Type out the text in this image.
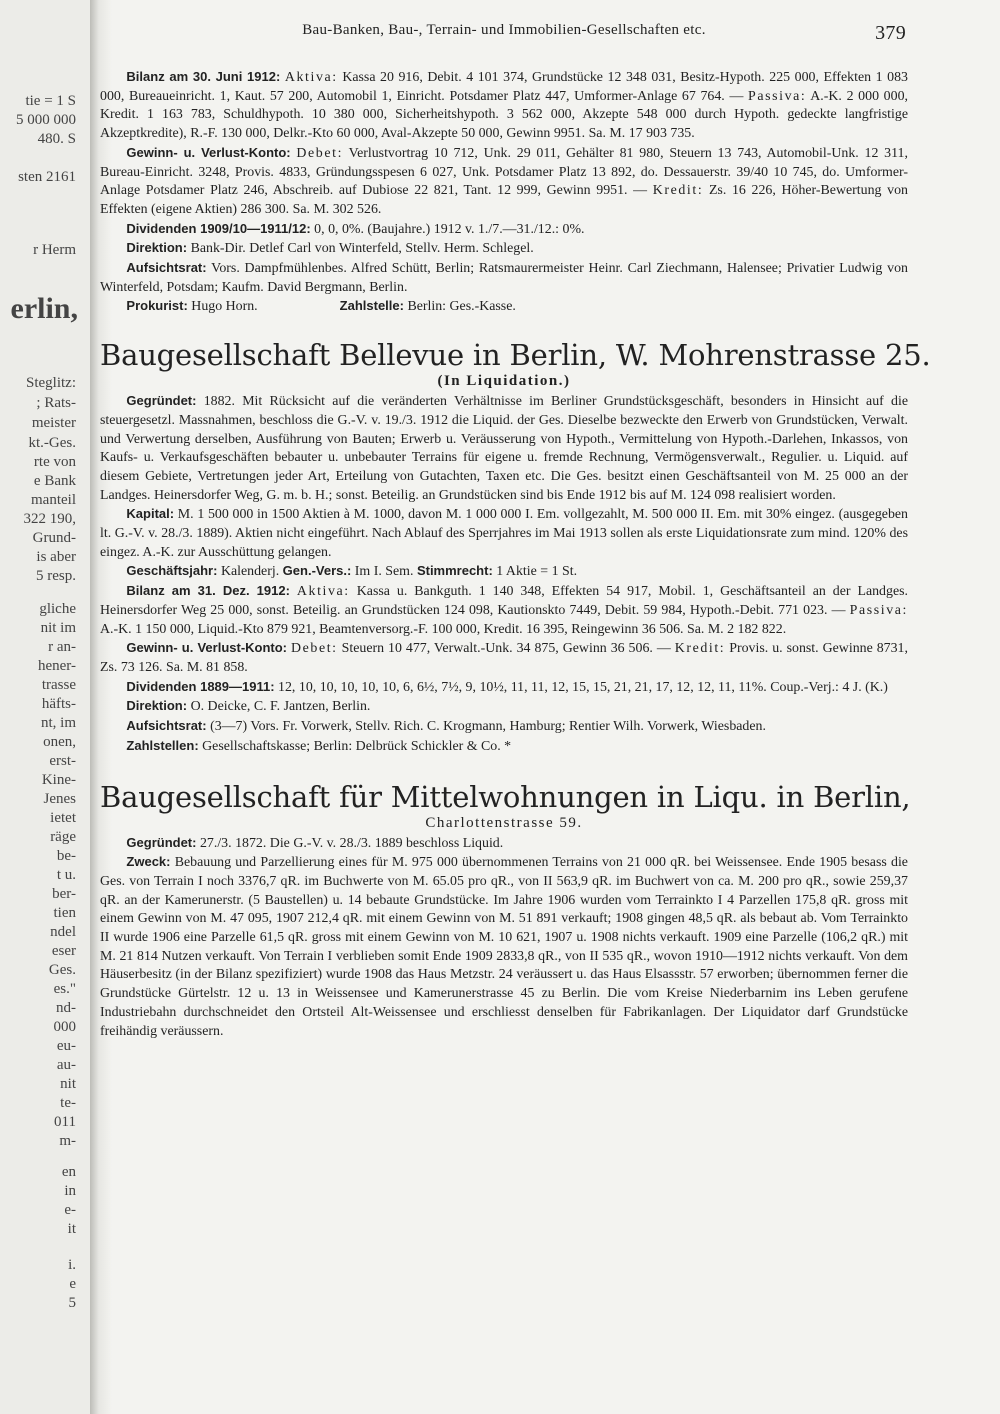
tie = 1 S
5 000 000
480. S
sten 2161
r Herm
erlin,
Steglitz:
; Rats-
meister
kt.-Ges.
rte von
e Bank
manteil
322 190,
Grund-
is aber
5 resp.
gliche
nit im
r an-
hener-
trasse
häfts-
nt, im
onen,
erst-
Kine-
Jenes
ietet
räge
be-
t u.
ber-
tien
ndel
eser
Ges.
es."
nd-
000
eu-
au-
nit
te-
011
m-
en
in
e-
it
i.
e
5
Bau-Banken, Bau-, Terrain- und Immobilien-Gesellschaften etc.	379

Bilanz am 30. Juni 1912: Aktiva: Kassa 20 916, Debit. 4 101 374, Grundstücke 12 348 031, Besitz-Hypoth. 225 000, Effekten 1 083 000, Bureaueinricht. 1, Kaut. 57 200, Automobil 1, Einricht. Potsdamer Platz 447, Umformer-Anlage 67 764. — Passiva: A.-K. 2 000 000, Kredit. 1 163 783, Schuldhypoth. 10 380 000, Sicherheitshypoth. 3 562 000, Akzepte 548 000 durch Hypoth. gedeckte langfristige Akzeptkredite), R.-F. 130 000, Delkr.-Kto 60 000, Aval-Akzepte 50 000, Gewinn 9951. Sa. M. 17 903 735.

Gewinn- u. Verlust-Konto: Debet: Verlustvortrag 10 712, Unk. 29 011, Gehälter 81 980, Steuern 13 743, Automobil-Unk. 12 311, Bureau-Einricht. 3248, Provis. 4833, Gründungsspesen 6 027, Unk. Potsdamer Platz 13 892, do. Dessauerstr. 39/40 10 745, do. Umformer-Anlage Potsdamer Platz 246, Abschreib. auf Dubiose 22 821, Tant. 12 999, Gewinn 9951. — Kredit: Zs. 16 226, Höher-Bewertung von Effekten (eigene Aktien) 286 300. Sa. M. 302 526.

Dividenden 1909/10—1911/12: 0, 0, 0%. (Baujahre.) 1912 v. 1./7.—31./12.: 0%.

Direktion: Bank-Dir. Detlef Carl von Winterfeld, Stellv. Herm. Schlegel.

Aufsichtsrat: Vors. Dampfmühlenbes. Alfred Schütt, Berlin; Ratsmaurermeister Heinr. Carl Ziechmann, Halensee; Privatier Ludwig von Winterfeld, Potsdam; Kaufm. David Bergmann, Berlin.

Prokurist: Hugo Horn.	Zahlstelle: Berlin: Ges.-Kasse.

Baugesellschaft Bellevue in Berlin, W. Mohrenstrasse 25.
(In Liquidation.)

Gegründet: 1882. Mit Rücksicht auf die veränderten Verhältnisse im Berliner Grundstücksgeschäft, besonders in Hinsicht auf die steuergesetzl. Massnahmen, beschloss die G.-V. v. 19./3. 1912 die Liquid. der Ges. Dieselbe bezweckte den Erwerb von Grundstücken, Verwalt. und Verwertung derselben, Ausführung von Bauten; Erwerb u. Veräusserung von Hypoth., Vermittelung von Hypoth.-Darlehen, Inkassos, von Kaufs- u. Verkaufsgeschäften bebauter u. unbebauter Terrains für eigene u. fremde Rechnung, Vermögensverwalt., Regulier. u. Liquid. auf diesem Gebiete, Vertretungen jeder Art, Erteilung von Gutachten, Taxen etc. Die Ges. besitzt einen Geschäftsanteil von M. 25 000 an der Landges. Heinersdorfer Weg, G. m. b. H.; sonst. Beteilig. an Grundstücken sind bis Ende 1912 bis auf M. 124 098 realisiert worden.

Kapital: M. 1 500 000 in 1500 Aktien à M. 1000, davon M. 1 000 000 I. Em. vollgezahlt, M. 500 000 II. Em. mit 30% eingez. (ausgegeben lt. G.-V. v. 28./3. 1889). Aktien nicht eingeführt. Nach Ablauf des Sperrjahres im Mai 1913 sollen als erste Liquidationsrate zum mind. 120% des eingez. A.-K. zur Ausschüttung gelangen.

Geschäftsjahr: Kalenderj. Gen.-Vers.: Im I. Sem. Stimmrecht: 1 Aktie = 1 St.

Bilanz am 31. Dez. 1912: Aktiva: Kassa u. Bankguth. 1 140 348, Effekten 54 917, Mobil. 1, Geschäftsanteil an der Landges. Heinersdorfer Weg 25 000, sonst. Beteilig. an Grundstücken 124 098, Kautionskto 7449, Debit. 59 984, Hypoth.-Debit. 771 023. — Passiva: A.-K. 1 150 000, Liquid.-Kto 879 921, Beamtenversorg.-F. 100 000, Kredit. 16 395, Reingewinn 36 506. Sa. M. 2 182 822.

Gewinn- u. Verlust-Konto: Debet: Steuern 10 477, Verwalt.-Unk. 34 875, Gewinn 36 506. — Kredit: Provis. u. sonst. Gewinne 8731, Zs. 73 126. Sa. M. 81 858.

Dividenden 1889—1911: 12, 10, 10, 10, 10, 10, 6, 6½, 7½, 9, 10½, 11, 11, 12, 15, 15, 21, 21, 17, 12, 12, 11, 11%. Coup.-Verj.: 4 J. (K.)

Direktion: O. Deicke, C. F. Jantzen, Berlin.

Aufsichtsrat: (3—7) Vors. Fr. Vorwerk, Stellv. Rich. C. Krogmann, Hamburg; Rentier Wilh. Vorwerk, Wiesbaden.

Zahlstellen: Gesellschaftskasse; Berlin: Delbrück Schickler & Co. *

Baugesellschaft für Mittelwohnungen in Liqu. in Berlin,
Charlottenstrasse 59.

Gegründet: 27./3. 1872. Die G.-V. v. 28./3. 1889 beschloss Liquid.

Zweck: Bebauung und Parzellierung eines für M. 975 000 übernommenen Terrains von 21 000 qR. bei Weissensee. Ende 1905 besass die Ges. von Terrain I noch 3376,7 qR. im Buchwerte von M. 65.05 pro qR., von II 563,9 qR. im Buchwert von ca. M. 200 pro qR., sowie 259,37 qR. an der Kamerunerstr. (5 Baustellen) u. 14 bebaute Grundstücke. Im Jahre 1906 wurden vom Terrainkto I 4 Parzellen 175,8 qR. gross mit einem Gewinn von M. 47 095, 1907 212,4 qR. mit einem Gewinn von M. 51 891 verkauft; 1908 gingen 48,5 qR. als bebaut ab. Vom Terrainkto II wurde 1906 eine Parzelle 61,5 qR. gross mit einem Gewinn von M. 10 621, 1907 u. 1908 nichts verkauft. 1909 eine Parzelle (106,2 qR.) mit M. 21 814 Nutzen verkauft. Von Terrain I verblieben somit Ende 1909 2833,8 qR., von II 535 qR., wovon 1910—1912 nichts verkauft. Von dem Häuserbesitz (in der Bilanz spezifiziert) wurde 1908 das Haus Metzstr. 24 veräussert u. das Haus Elsassstr. 57 erworben; übernommen ferner die Grundstücke Gürtelstr. 12 u. 13 in Weissensee und Kamerunerstrasse 45 zu Berlin. Die vom Kreise Niederbarnim ins Leben gerufene Industriebahn durchschneidet den Ortsteil Alt-Weissensee und erschliesst denselben für Fabrikanlagen. Der Liquidator darf Grundstücke freihändig veräussern.
